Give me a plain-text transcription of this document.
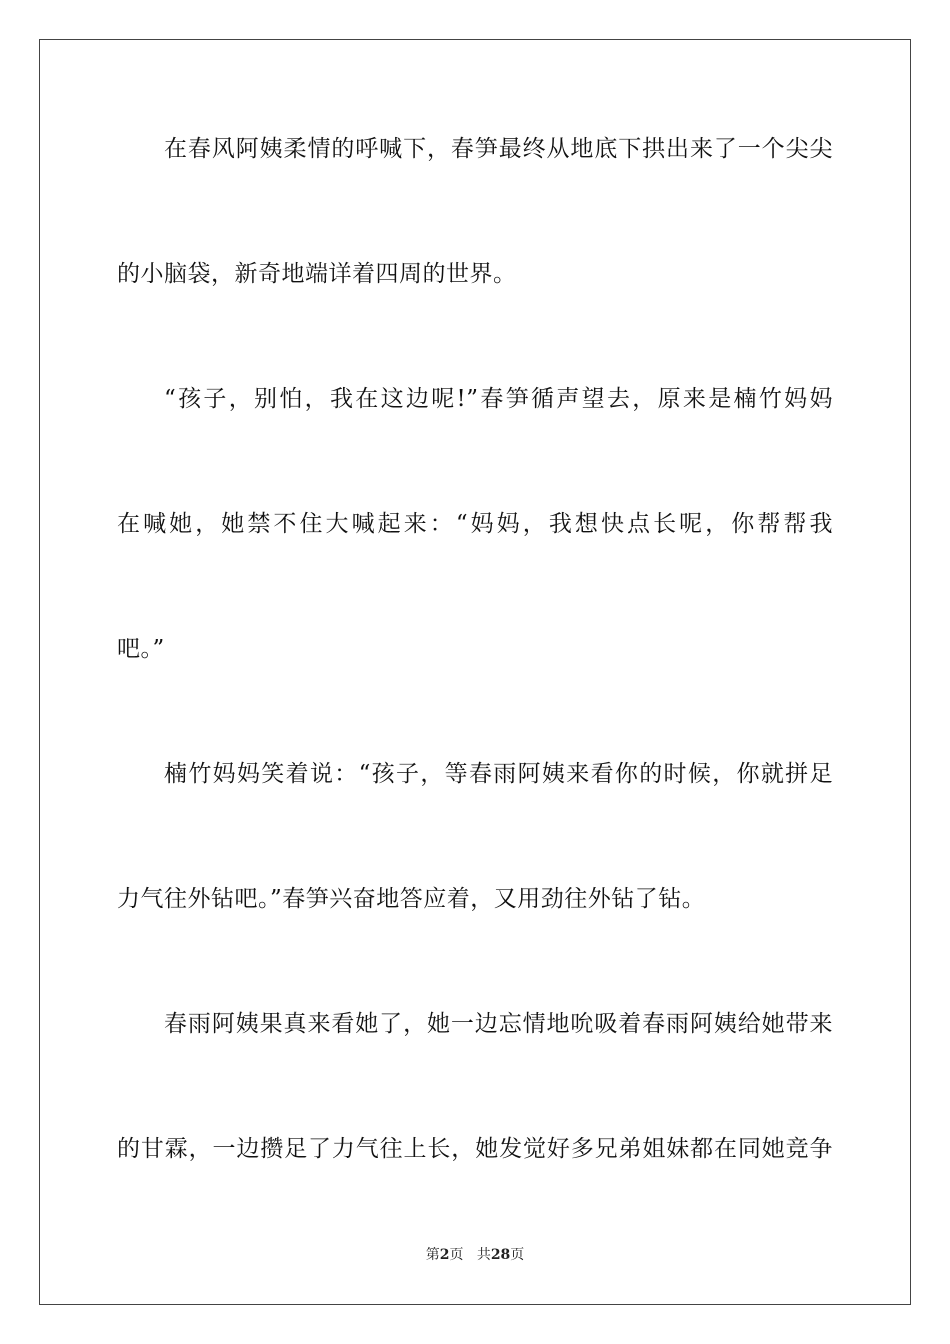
在春风阿姨柔情的呼喊下，春笋最终从地底下拱出来了一个尖尖
的小脑袋，新奇地端详着四周的世界。
“孩子，别怕，我在这边呢!”春笋循声望去，原来是楠竹妈妈
在喊她，她禁不住大喊起来：“妈妈，我想快点长呢，你帮帮我
吧。”
楠竹妈妈笑着说：“孩子，等春雨阿姨来看你的时候，你就拼足
力气往外钻吧。”春笋兴奋地答应着，又用劲往外钻了钻。
春雨阿姨果真来看她了，她一边忘情地吮吸着春雨阿姨给她带来
的甘霖，一边攒足了力气往上长，她发觉好多兄弟姐妹都在同她竞争
第2页 共28页
